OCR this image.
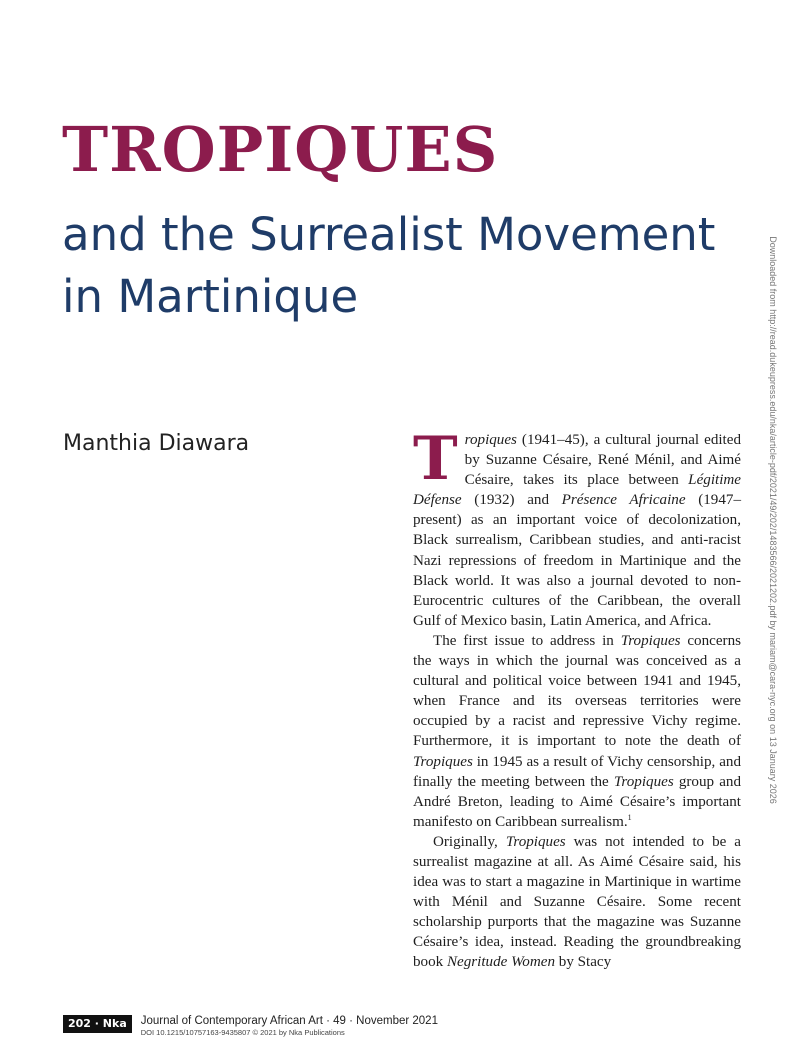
TROPIQUES
and the Surrealist Movement in Martinique
Manthia Diawara	Downloaded from http://read.dukeupress.edu/nka/article-pdf/2021/49/202/1483566/2021202.pdf by mariam@cara-nyc.org on 13 January 2026

Tropiques (1941–45), a cultural journal edited by Suzanne Césaire, René Ménil, and Aimé Césaire, takes its place between Légitime Défense (1932) and Présence Africaine (1947–present) as an important voice of decolonization, Black surrealism, Caribbean studies, and anti-racist Nazi repressions of freedom in Martinique and the Black world. It was also a journal devoted to non-Eurocentric cultures of the Caribbean, the overall Gulf of Mexico basin, Latin America, and Africa.

The first issue to address in Tropiques concerns the ways in which the journal was conceived as a cultural and political voice between 1941 and 1945, when France and its overseas territories were occupied by a racist and repressive Vichy regime. Furthermore, it is important to note the death of Tropiques in 1945 as a result of Vichy censorship, and finally the meeting between the Tropiques group and André Breton, leading to Aimé Césaire’s important manifesto on Caribbean surrealism.$^1$

Originally, Tropiques was not intended to be a surrealist magazine at all. As Aimé Césaire said, his idea was to start a magazine in Martinique in wartime with Ménil and Suzanne Césaire. Some recent scholarship purports that the magazine was Suzanne Césaire’s idea, instead. Reading the groundbreaking book Negritude Women by Stacy

202 · Nka Journal of Contemporary African Art · 49 · November 2021
DOI 10.1215/10757163-9435807 © 2021 by Nka Publications
